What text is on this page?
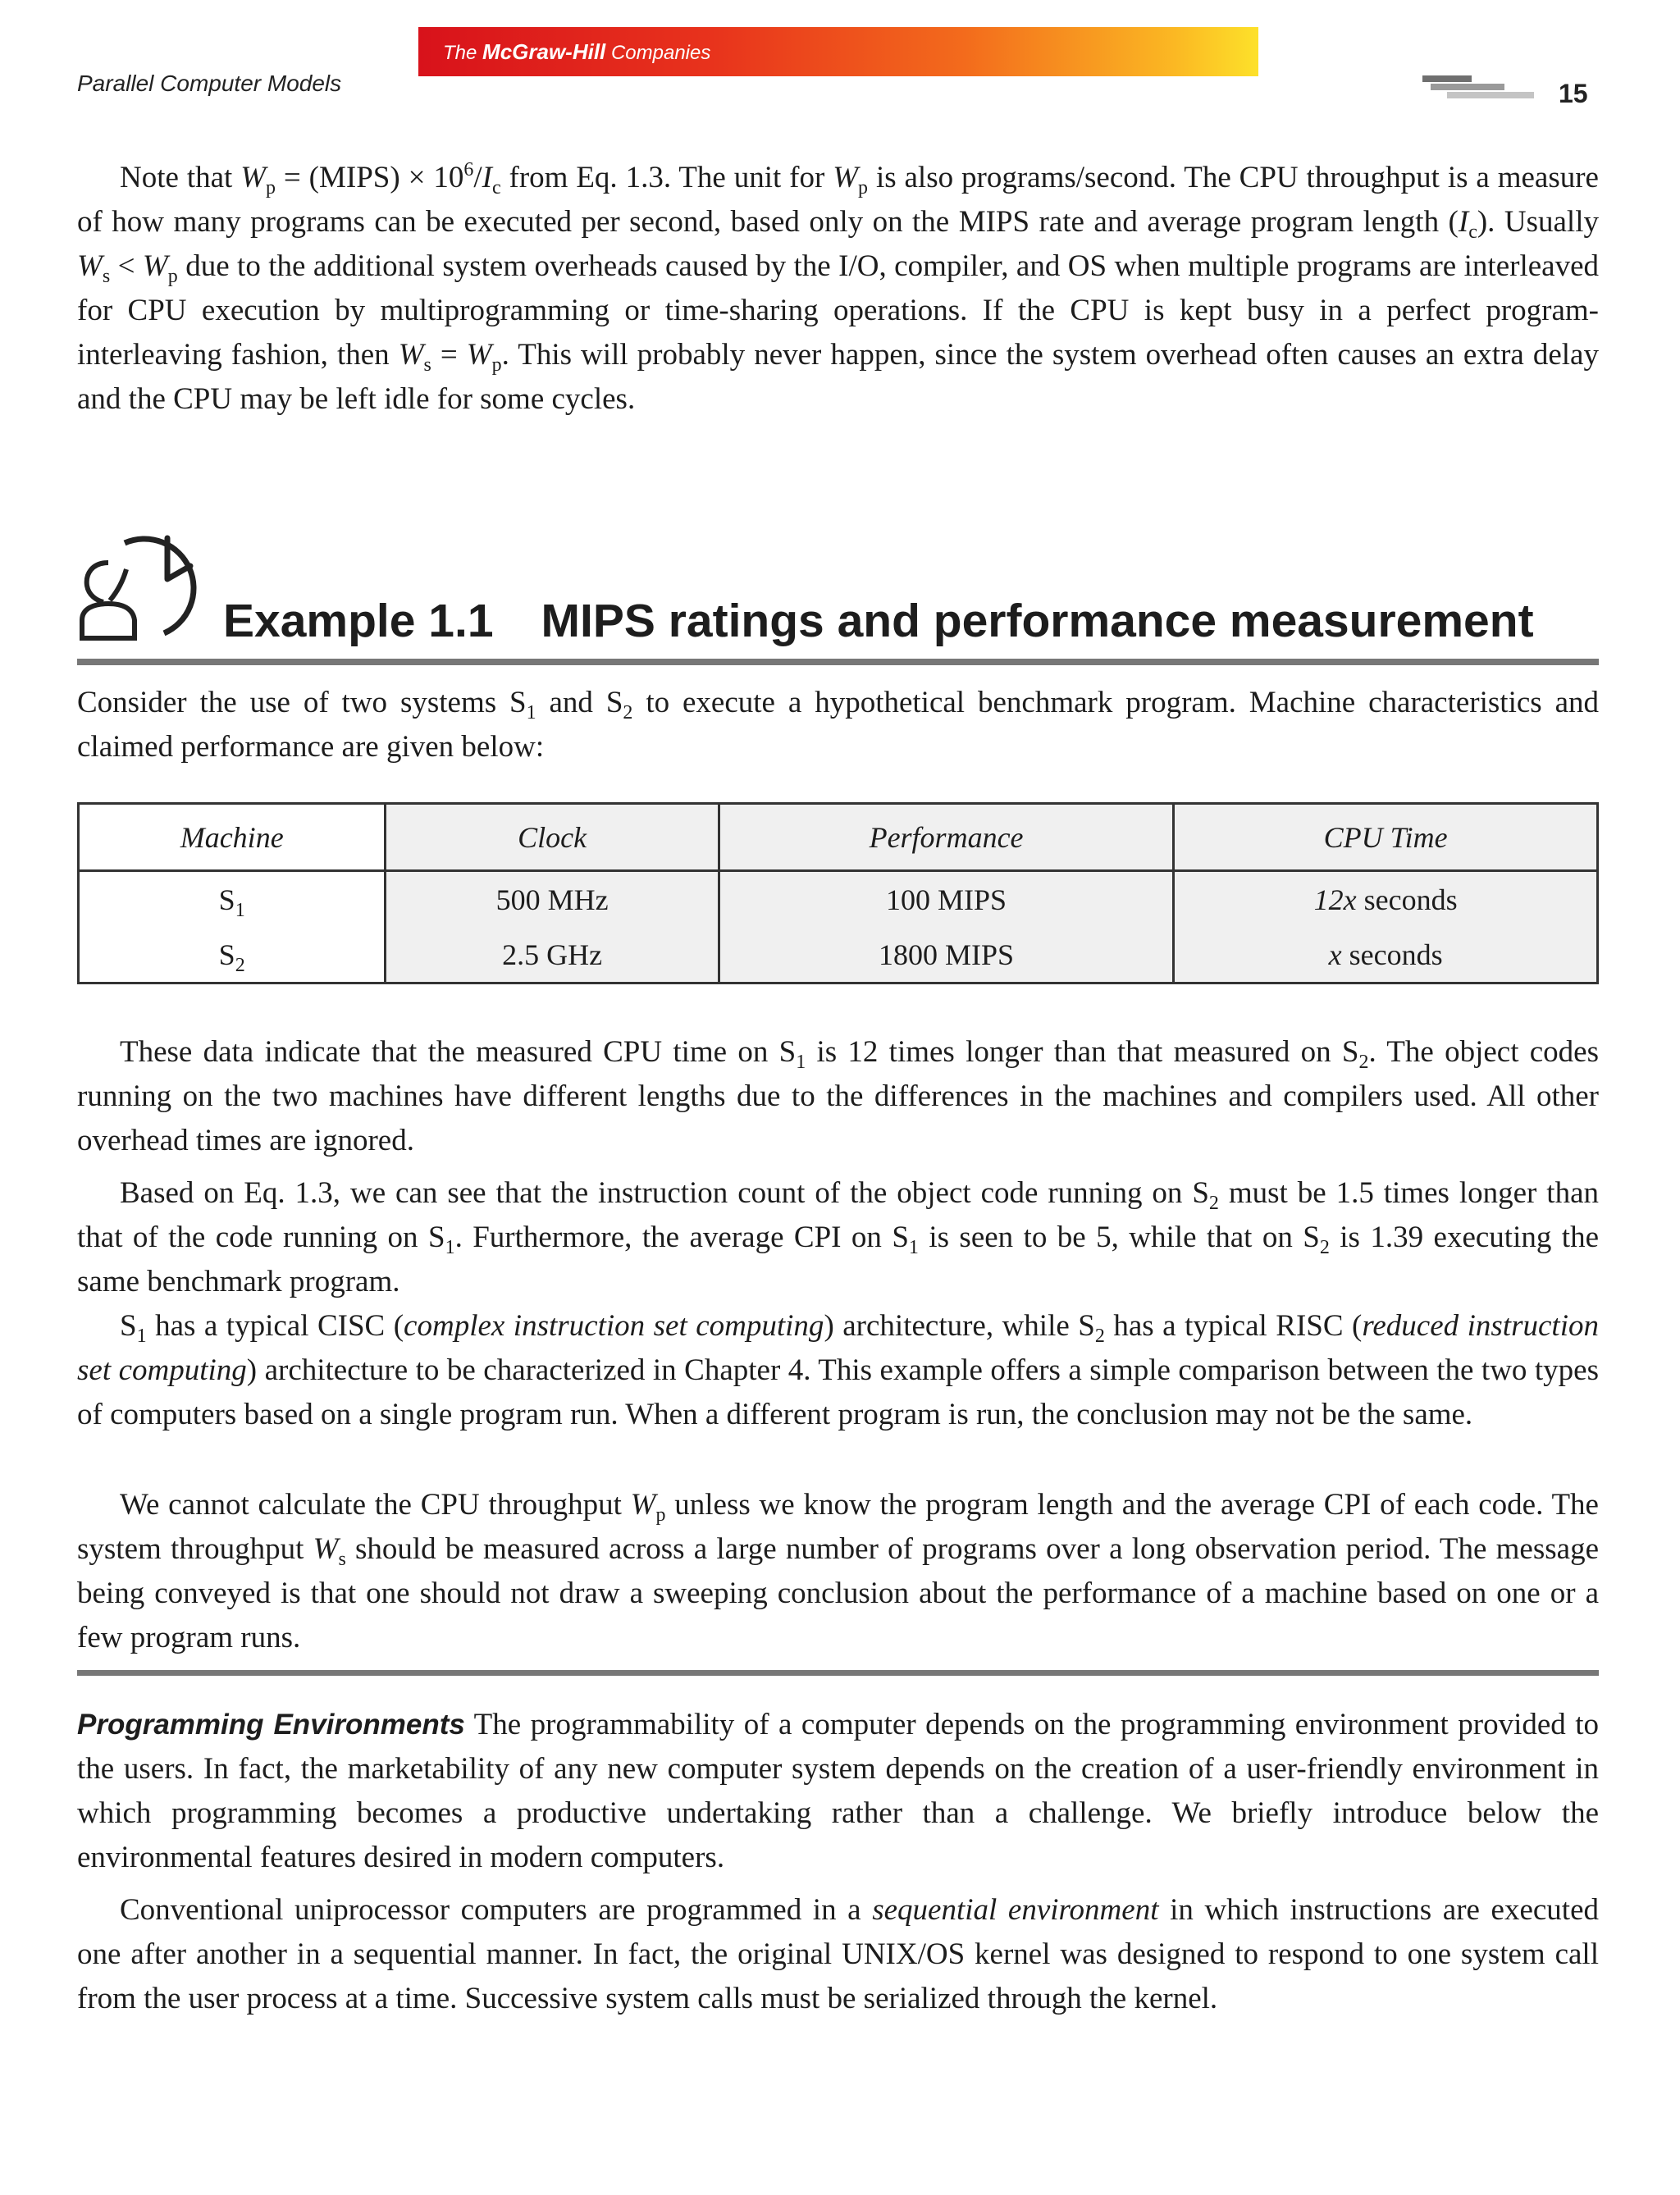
Parallel Computer Models
The McGraw-Hill Companies
15

Note that $W_p$ = (MIPS) × $10^6/I_c$ from Eq. 1.3. The unit for $W_p$ is also programs/second. The CPU throughput is a measure of how many programs can be executed per second, based only on the MIPS rate and average program length $(I_c)$. Usually $W_s < W_p$ due to the additional system overheads caused by the I/O, compiler, and OS when multiple programs are interleaved for CPU execution by multiprogramming or time-sharing operations. If the CPU is kept busy in a perfect program-interleaving fashion, then $W_s = W_p$. This will probably never happen, since the system overhead often causes an extra delay and the CPU may be left idle for some cycles.

Example 1.1 MIPS ratings and performance measurement

Consider the use of two systems $S_1$ and $S_2$ to execute a hypothetical benchmark program. Machine characteristics and claimed performance are given below:

Machine	Clock	Performance	CPU Time
$S_1$	500 MHz	100 MIPS	12x seconds
$S_2$	2.5 GHz	1800 MIPS	x seconds

These data indicate that the measured CPU time on $S_1$ is 12 times longer than that measured on $S_2$. The object codes running on the two machines have different lengths due to the differences in the machines and compilers used. All other overhead times are ignored.

Based on Eq. 1.3, we can see that the instruction count of the object code running on $S_2$ must be 1.5 times longer than that of the code running on $S_1$. Furthermore, the average CPI on $S_1$ is seen to be 5, while that on $S_2$ is 1.39 executing the same benchmark program.

$S_1$ has a typical CISC (complex instruction set computing) architecture, while $S_2$ has a typical RISC (reduced instruction set computing) architecture to be characterized in Chapter 4. This example offers a simple comparison between the two types of computers based on a single program run. When a different program is run, the conclusion may not be the same.

We cannot calculate the CPU throughput $W_p$ unless we know the program length and the average CPI of each code. The system throughput $W_s$ should be measured across a large number of programs over a long observation period. The message being conveyed is that one should not draw a sweeping conclusion about the performance of a machine based on one or a few program runs.

Programming Environments The programmability of a computer depends on the programming environment provided to the users. In fact, the marketability of any new computer system depends on the creation of a user-friendly environment in which programming becomes a productive undertaking rather than a challenge. We briefly introduce below the environmental features desired in modern computers.

Conventional uniprocessor computers are programmed in a sequential environment in which instructions are executed one after another in a sequential manner. In fact, the original UNIX/OS kernel was designed to respond to one system call from the user process at a time. Successive system calls must be serialized through the kernel.
